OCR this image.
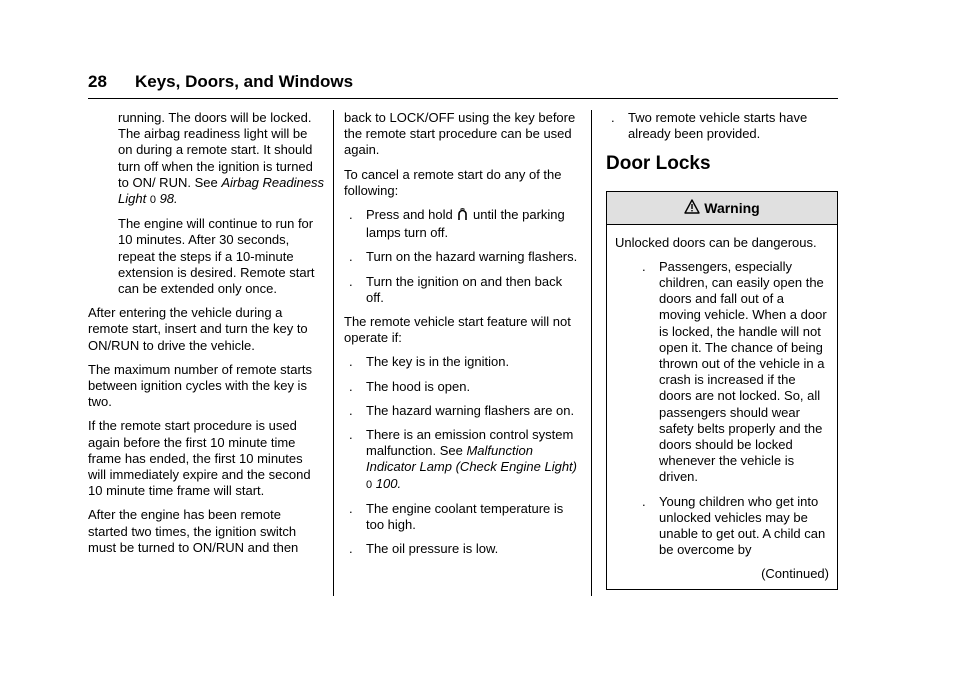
28 Keys, Doors, and Windows

running. The doors will be locked. The airbag readiness light will be on during a remote start. It should turn off when the ignition is turned to ON/ RUN. See Airbag Readiness Light 0 98.

The engine will continue to run for 10 minutes. After 30 seconds, repeat the steps if a 10-minute extension is desired. Remote start can be extended only once.

After entering the vehicle during a remote start, insert and turn the key to ON/RUN to drive the vehicle.

The maximum number of remote starts between ignition cycles with the key is two.

If the remote start procedure is used again before the first 10 minute time frame has ended, the first 10 minutes will immediately expire and the second 10 minute time frame will start.

After the engine has been remote started two times, the ignition switch must be turned to ON/RUN and then

back to LOCK/OFF using the key before the remote start procedure can be used again.

To cancel a remote start do any of the following:

.	Press and hold until the parking lamps turn off.
.	Turn on the hazard warning flashers.
.	Turn the ignition on and then back off.

The remote vehicle start feature will not operate if:

.	The key is in the ignition.
.	The hood is open.
.	The hazard warning flashers are on.
.	There is an emission control system malfunction. See Malfunction Indicator Lamp (Check Engine Light) 0 100.
.	The engine coolant temperature is too high.
.	The oil pressure is low.
.	Two remote vehicle starts have already been provided.
Door Locks
Warning

Unlocked doors can be dangerous.

.	Passengers, especially children, can easily open the doors and fall out of a moving vehicle. When a door is locked, the handle will not open it. The chance of being thrown out of the vehicle in a crash is increased if the doors are not locked. So, all passengers should wear safety belts properly and the doors should be locked whenever the vehicle is driven.
.	Young children who get into unlocked vehicles may be unable to get out. A child can be overcome by

(Continued)
